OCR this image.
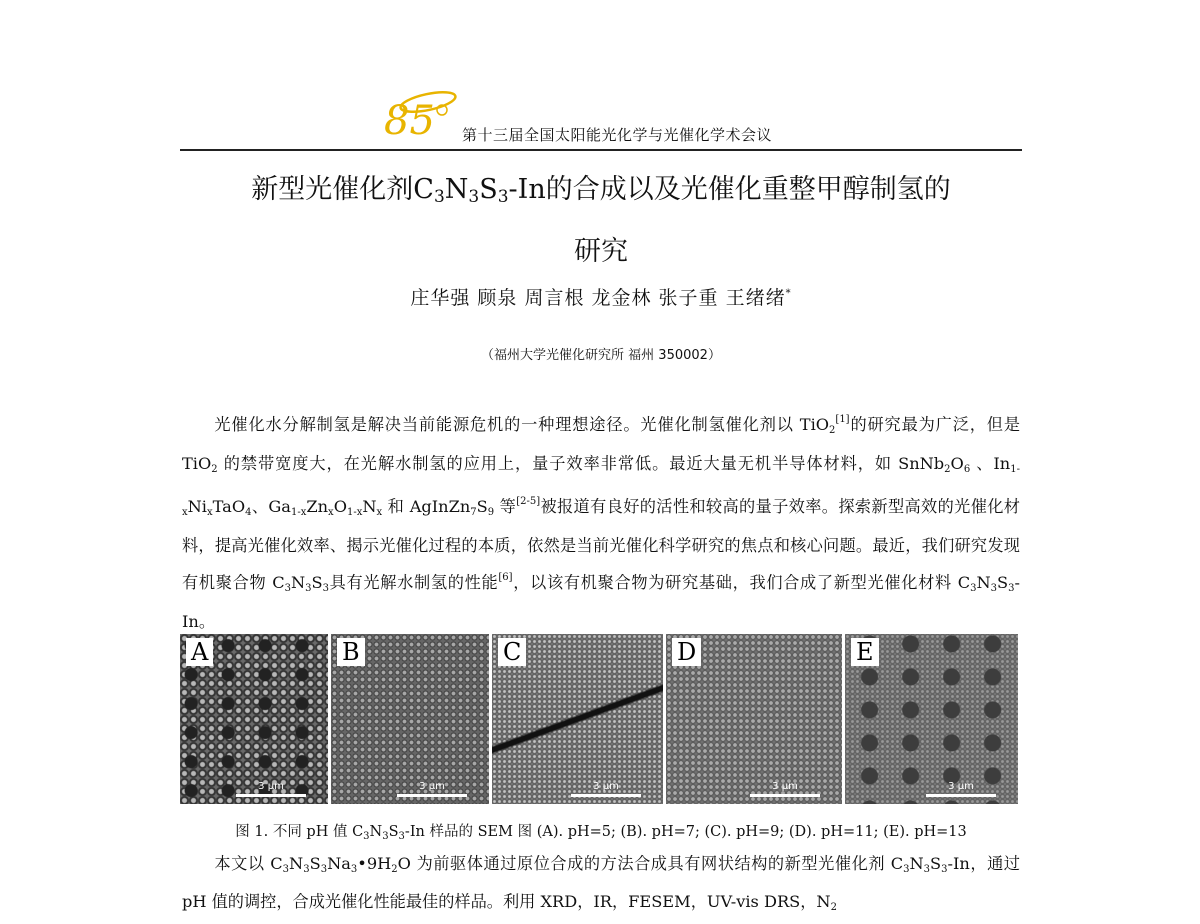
85 第十三届全国太阳能光化学与光催化学术会议
新型光催化剂$C_3N_3S_3-In$的合成以及光催化重整甲醇制氢的
研究
庄华强 顾泉 周言根 龙金林 张子重 王绪绪*
（福州大学光催化研究所 福州 350002）

光催化水分解制氢是解决当前能源危机的一种理想途径。光催化制氢催化剂以 TiO2[1]的研究最为广泛，但是 TiO2 的禁带宽度大，在光解水制氢的应用上，量子效率非常低。最近大量无机半导体材料，如 SnNb2O6 、In1-xNixTaO4、Ga1-xZnxO1-xNx 和 AgInZn7S9 等[2-5]被报道有良好的活性和较高的量子效率。探索新型高效的光催化材料，提高光催化效率、揭示光催化过程的本质，依然是当前光催化科学研究的焦点和核心问题。最近，我们研究发现有机聚合物 C3N3S3具有光解水制氢的性能[6]，以该有机聚合物为研究基础，我们合成了新型光催化材料 C3N3S3-In。

A
3 μm
B
3 μm
C
3 μm
D
3 μm
E
3 μm
图 1. 不同 pH 值 $C_3N_3S_3-In$ 样品的 SEM 图 (A). pH=5; (B). pH=7; (C). pH=9; (D). pH=11; (E). pH=13

本文以 C3N3S3Na3•9H2O 为前驱体通过原位合成的方法合成具有网状结构的新型光催化剂 C3N3S3-In，通过 pH 值的调控，合成光催化性能最佳的样品。利用 XRD，IR，FESEM，UV-vis DRS，N2
